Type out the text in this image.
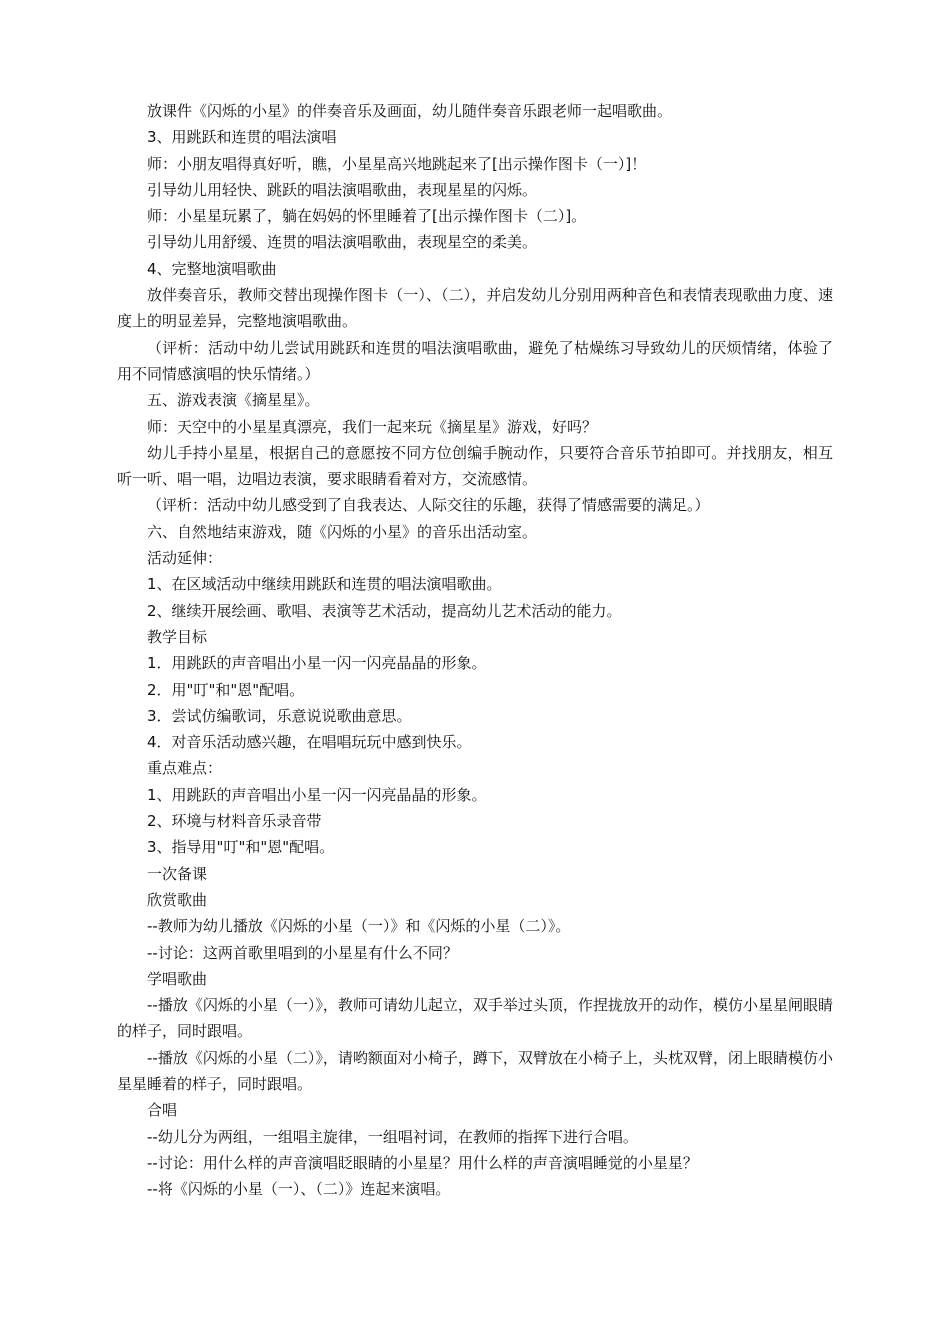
放课件《闪烁的小星》的伴奏音乐及画面，幼儿随伴奏音乐跟老师一起唱歌曲。

3、用跳跃和连贯的唱法演唱

师：小朋友唱得真好听，瞧，小星星高兴地跳起来了[出示操作图卡（一）]！

引导幼儿用轻快、跳跃的唱法演唱歌曲，表现星星的闪烁。

师：小星星玩累了，躺在妈妈的怀里睡着了[出示操作图卡（二）]。

引导幼儿用舒缓、连贯的唱法演唱歌曲，表现星空的柔美。

4、完整地演唱歌曲

放伴奏音乐，教师交替出现操作图卡（一）、（二），并启发幼儿分别用两种音色和表情表现歌曲力度、速度上的明显差异，完整地演唱歌曲。

（评析：活动中幼儿尝试用跳跃和连贯的唱法演唱歌曲，避免了枯燥练习导致幼儿的厌烦情绪，体验了用不同情感演唱的快乐情绪。）

五、游戏表演《摘星星》。

师：天空中的小星星真漂亮，我们一起来玩《摘星星》游戏，好吗？

幼儿手持小星星，根据自己的意愿按不同方位创编手腕动作，只要符合音乐节拍即可。并找朋友，相互听一听、唱一唱，边唱边表演，要求眼睛看着对方，交流感情。

（评析：活动中幼儿感受到了自我表达、人际交往的乐趣，获得了情感需要的满足。）

六、自然地结束游戏，随《闪烁的小星》的音乐出活动室。

活动延伸：

1、在区域活动中继续用跳跃和连贯的唱法演唱歌曲。

2、继续开展绘画、歌唱、表演等艺术活动，提高幼儿艺术活动的能力。

教学目标

1．用跳跃的声音唱出小星一闪一闪亮晶晶的形象。

2．用"叮"和"恩"配唱。

3．尝试仿编歌词，乐意说说歌曲意思。

4．对音乐活动感兴趣，在唱唱玩玩中感到快乐。

重点难点：

1、用跳跃的声音唱出小星一闪一闪亮晶晶的形象。

2、环境与材料音乐录音带

3、指导用"叮"和"恩"配唱。

一次备课

欣赏歌曲

--教师为幼儿播放《闪烁的小星（一）》和《闪烁的小星（二）》。

--讨论：这两首歌里唱到的小星星有什么不同？

学唱歌曲

--播放《闪烁的小星（一）》，教师可请幼儿起立，双手举过头顶，作捏拢放开的动作，模仿小星星闸眼睛的样子，同时跟唱。

--播放《闪烁的小星（二）》，请哟额面对小椅子，蹲下，双臂放在小椅子上，头枕双臂，闭上眼睛模仿小星星睡着的样子，同时跟唱。

合唱

--幼儿分为两组，一组唱主旋律，一组唱衬词，在教师的指挥下进行合唱。

--讨论：用什么样的声音演唱眨眼睛的小星星？用什么样的声音演唱睡觉的小星星？

--将《闪烁的小星（一）、（二）》连起来演唱。
